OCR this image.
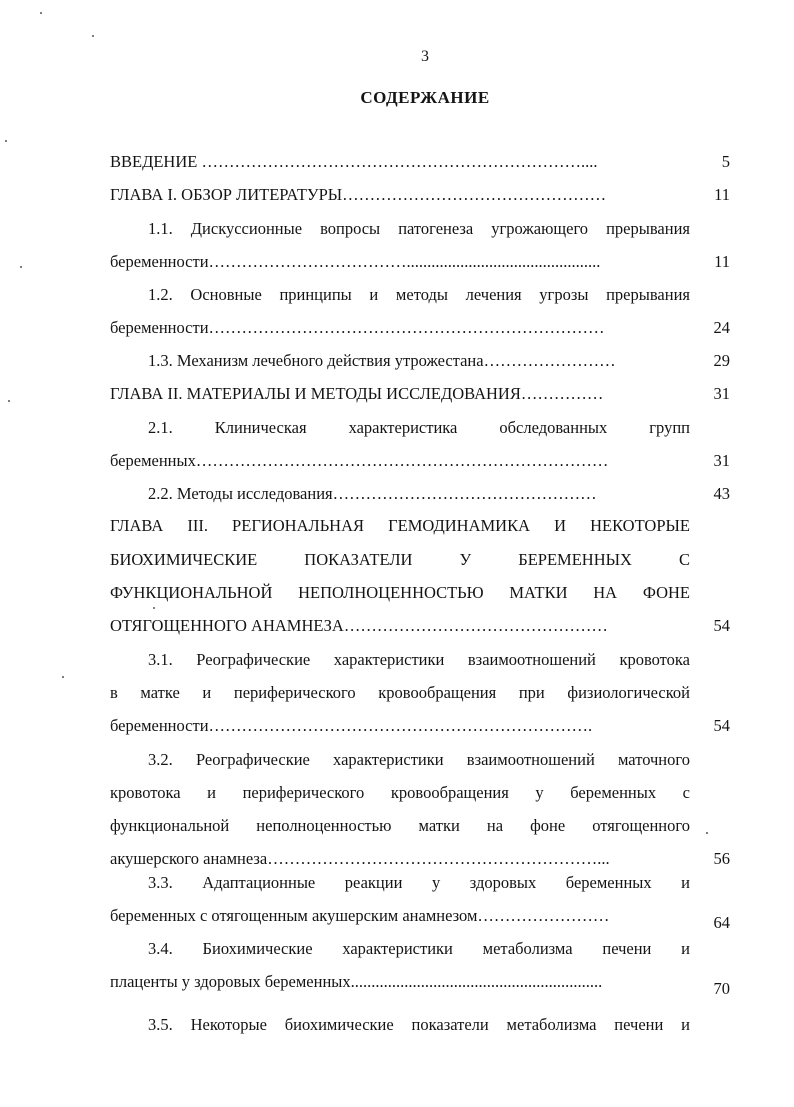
3
СОДЕРЖАНИЕ
ВВЕДЕНИЕ ……………………………………………………………....	5
ГЛАВА I. ОБЗОР ЛИТЕРАТУРЫ…………………………………………	11
1.1. Дискуссионные вопросы патогенеза угрожающего прерывания
беременности………………………………...............................................	11
1.2. Основные принципы и методы лечения угрозы прерывания
беременности………………………………………………………………	24
1.3. Механизм лечебного действия утрожестана……………………	29
ГЛАВА II. МАТЕРИАЛЫ И МЕТОДЫ ИССЛЕДОВАНИЯ……………	31
2.1. Клиническая характеристика обследованных групп
беременных…………………………………………………………………	31
2.2. Методы исследования…………………………………………	43
ГЛАВА III. РЕГИОНАЛЬНАЯ ГЕМОДИНАМИКА И НЕКОТОРЫЕ
БИОХИМИЧЕСКИЕ ПОКАЗАТЕЛИ У БЕРЕМЕННЫХ С
ФУНКЦИОНАЛЬНОЙ НЕПОЛНОЦЕННОСТЬЮ МАТКИ НА ФОНЕ
ОТЯГОЩЕННОГО АНАМНЕЗА…………………………………………	54
3.1. Реографические характеристики взаимоотношений кровотока
в матке и периферического кровообращения при физиологической
беременности…………………………………………………………….	54
3.2. Реографические характеристики взаимоотношений маточного
кровотока и периферического кровообращения у беременных с
функциональной неполноценностью матки на фоне отягощенного
акушерского анамнеза……………………………………………………...	56
3.3. Адаптационные реакции у здоровых беременных и
беременных с отягощенным акушерским анамнезом……………………	64
3.4. Биохимические характеристики метаболизма печени и
плаценты у здоровых беременных.............................................................	70
3.5. Некоторые биохимические показатели метаболизма печени и
